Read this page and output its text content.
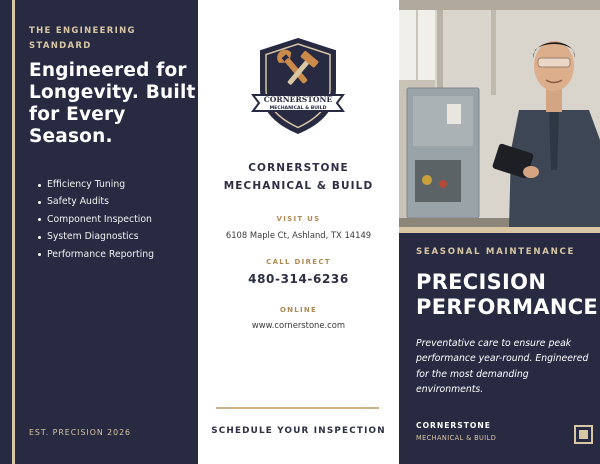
THE ENGINEERING STANDARD
Engineered for Longevity. Built for Every Season.
Efficiency Tuning
Safety Audits
Component Inspection
System Diagnostics
Performance Reporting
EST. PRECISION 2026
CORNERSTONE
MECHANICAL & BUILD
CORNERSTONE
MECHANICAL & BUILD
VISIT US
6108 Maple Ct, Ashland, TX 14149
CALL DIRECT
480-314-6236
ONLINE
www.cornerstone.com
SCHEDULE YOUR INSPECTION
SEASONAL MAINTENANCE
PRECISION
PERFORMANCE

Preventative care to ensure peak performance year-round. Engineered for the most demanding environments.

CORNERSTONE
MECHANICAL & BUILD
